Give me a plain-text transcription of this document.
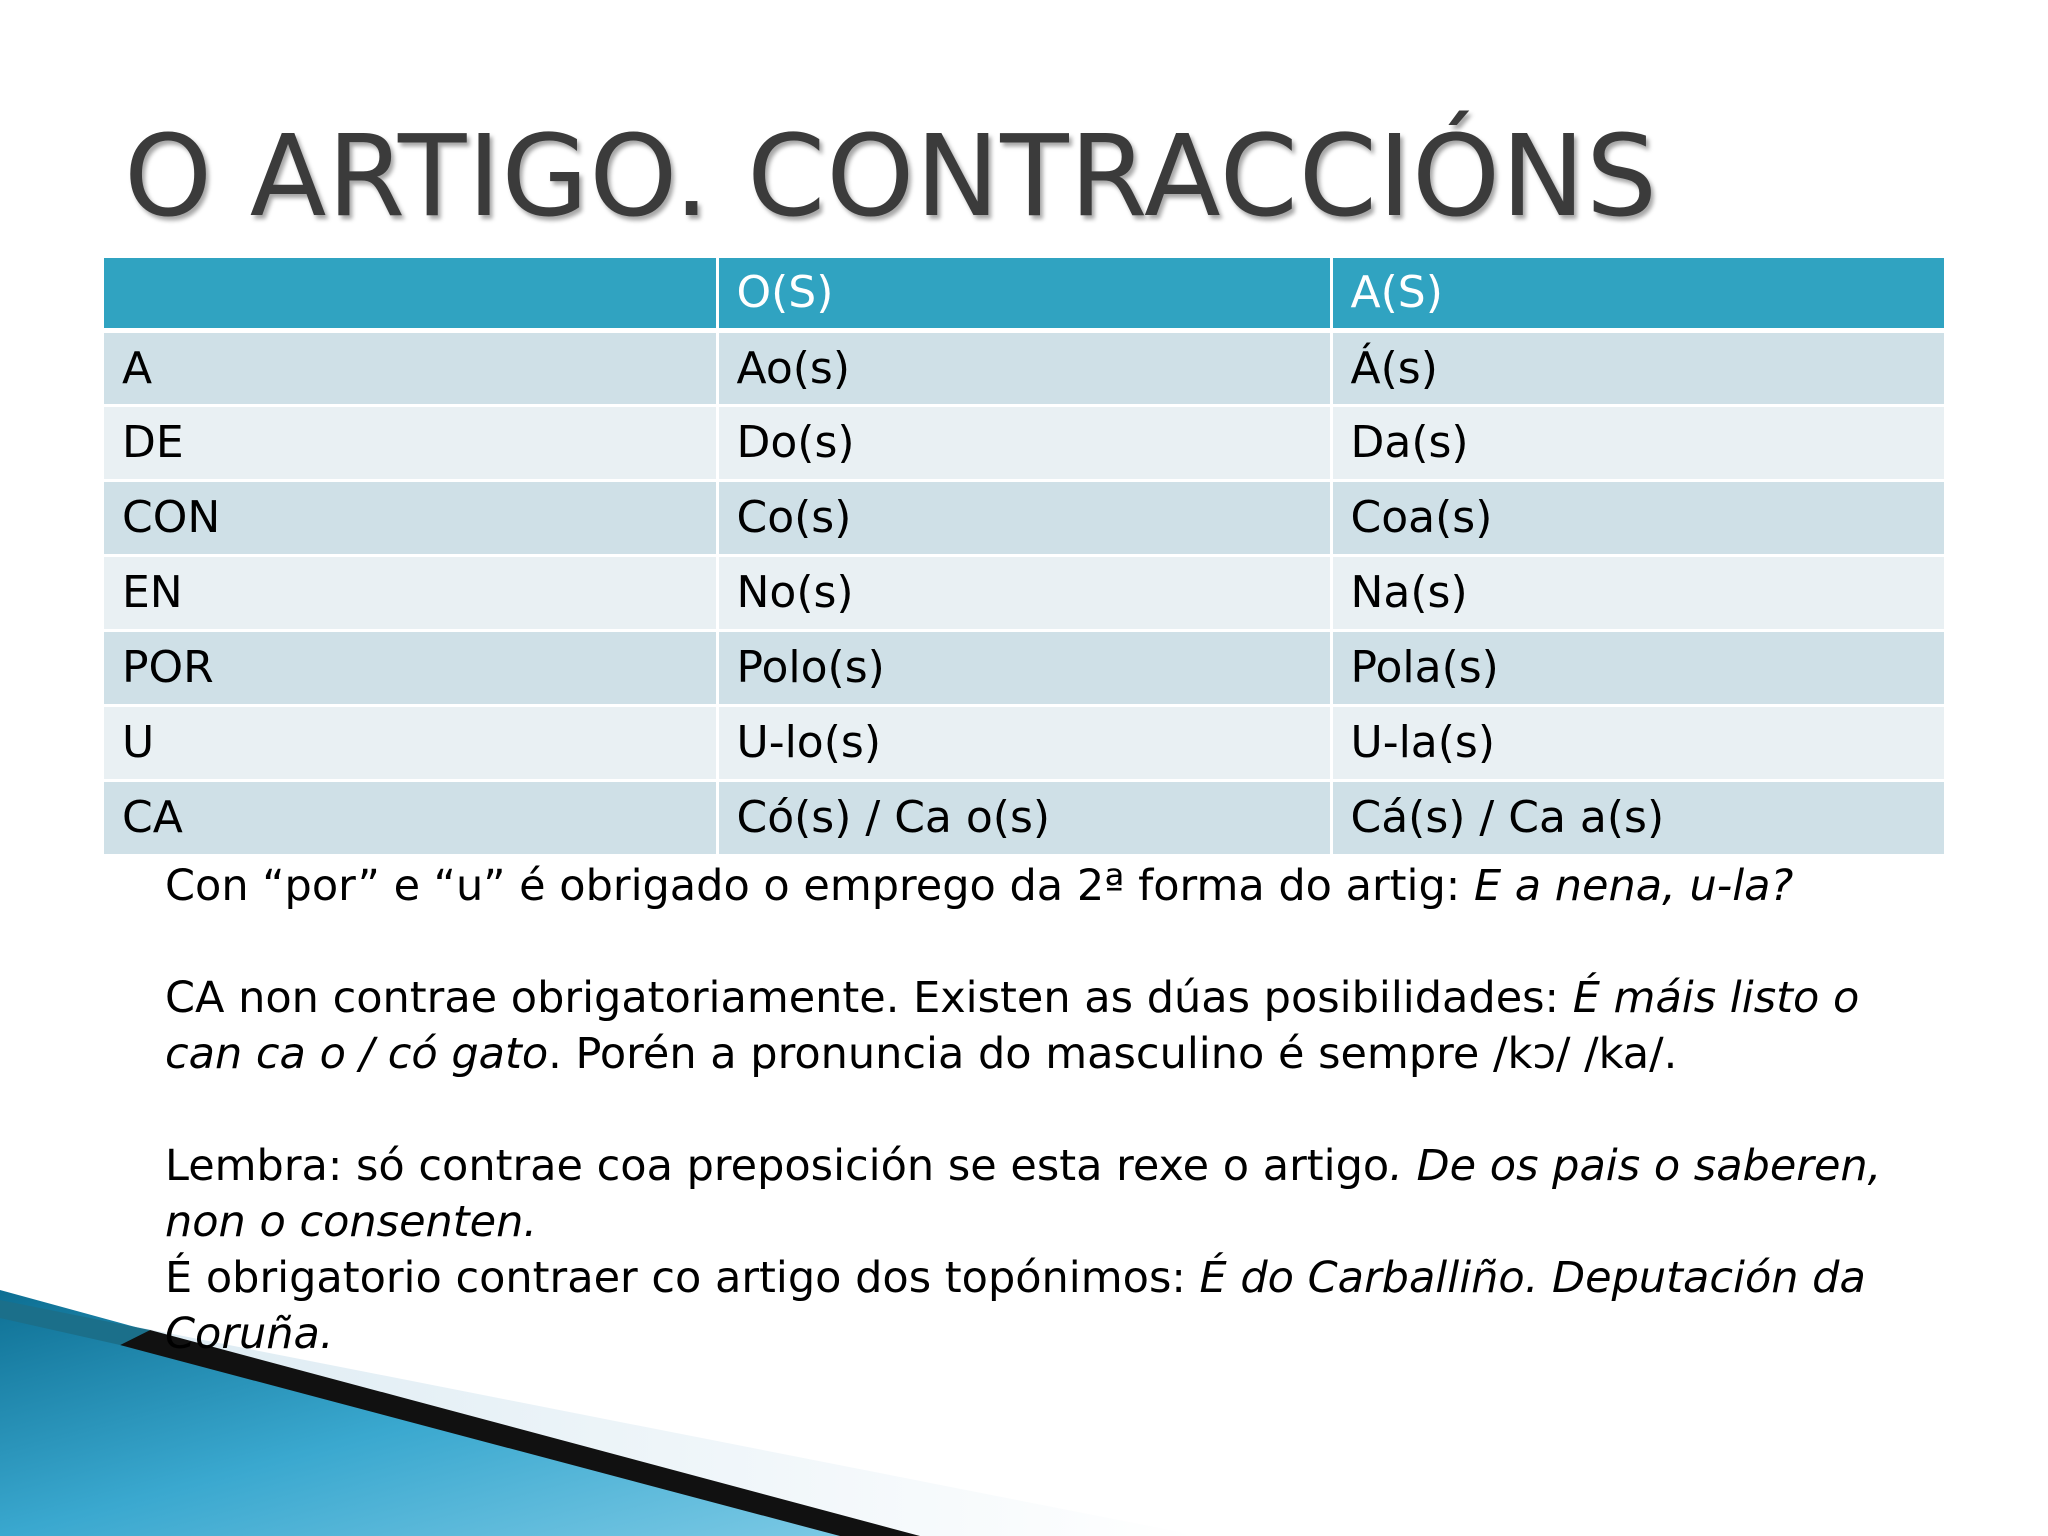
O ARTIGO. CONTRACCIÓNS
	O(S)	A(S)
A	Ao(s)	Á(s)
DE	Do(s)	Da(s)
CON	Co(s)	Coa(s)
EN	No(s)	Na(s)
POR	Polo(s)	Pola(s)
U	U-lo(s)	U-la(s)
CA	Có(s) / Ca o(s)	Cá(s) / Ca a(s)

Con “por” e “u” é obrigado o emprego da 2ª forma do artig: E a nena, u-la?

CA non contrae obrigatoriamente. Existen as dúas posibilidades: É máis listo o can ca o / có gato. Porén a pronuncia do masculino é sempre /kɔ/ /ka/.

Lembra: só contrae coa preposición se esta rexe o artigo. De os pais o saberen, non o consenten.

É obrigatorio contraer co artigo dos topónimos: É do Carballiño. Deputación da Coruña.
